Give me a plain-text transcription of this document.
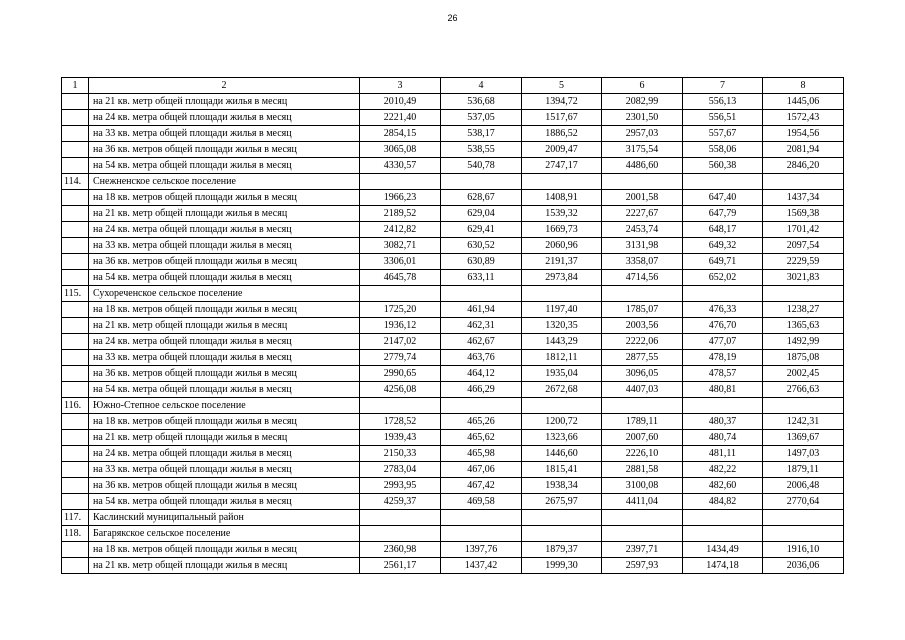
26
1	2	3	4	5	6	7	8
	на 21 кв. метр общей площади жилья в месяц	2010,49	536,68	1394,72	2082,99	556,13	1445,06
	на 24 кв. метра общей площади жилья в месяц	2221,40	537,05	1517,67	2301,50	556,51	1572,43
	на 33 кв. метра общей площади жилья в месяц	2854,15	538,17	1886,52	2957,03	557,67	1954,56
	на 36 кв. метров общей площади жилья в месяц	3065,08	538,55	2009,47	3175,54	558,06	2081,94
	на 54 кв. метра общей площади жилья в месяц	4330,57	540,78	2747,17	4486,60	560,38	2846,20
114.	Снежненское сельское поселение						
	на 18 кв. метров общей площади жилья в месяц	1966,23	628,67	1408,91	2001,58	647,40	1437,34
	на 21 кв. метр общей площади жилья в месяц	2189,52	629,04	1539,32	2227,67	647,79	1569,38
	на 24 кв. метра общей площади жилья в месяц	2412,82	629,41	1669,73	2453,74	648,17	1701,42
	на 33 кв. метра общей площади жилья в месяц	3082,71	630,52	2060,96	3131,98	649,32	2097,54
	на 36 кв. метров общей площади жилья в месяц	3306,01	630,89	2191,37	3358,07	649,71	2229,59
	на 54 кв. метра общей площади жилья в месяц	4645,78	633,11	2973,84	4714,56	652,02	3021,83
115.	Сухореченское сельское поселение						
	на 18 кв. метров общей площади жилья в месяц	1725,20	461,94	1197,40	1785,07	476,33	1238,27
	на 21 кв. метр общей площади жилья в месяц	1936,12	462,31	1320,35	2003,56	476,70	1365,63
	на 24 кв. метра общей площади жилья в месяц	2147,02	462,67	1443,29	2222,06	477,07	1492,99
	на 33 кв. метра общей площади жилья в месяц	2779,74	463,76	1812,11	2877,55	478,19	1875,08
	на 36 кв. метров общей площади жилья в месяц	2990,65	464,12	1935,04	3096,05	478,57	2002,45
	на 54 кв. метра общей площади жилья в месяц	4256,08	466,29	2672,68	4407,03	480,81	2766,63
116.	Южно-Степное сельское поселение						
	на 18 кв. метров общей площади жилья в месяц	1728,52	465,26	1200,72	1789,11	480,37	1242,31
	на 21 кв. метр общей площади жилья в месяц	1939,43	465,62	1323,66	2007,60	480,74	1369,67
	на 24 кв. метра общей площади жилья в месяц	2150,33	465,98	1446,60	2226,10	481,11	1497,03
	на 33 кв. метра общей площади жилья в месяц	2783,04	467,06	1815,41	2881,58	482,22	1879,11
	на 36 кв. метров общей площади жилья в месяц	2993,95	467,42	1938,34	3100,08	482,60	2006,48
	на 54 кв. метра общей площади жилья в месяц	4259,37	469,58	2675,97	4411,04	484,82	2770,64
117.	Каслинский муниципальный район						
118.	Багарякское сельское поселение						
	на 18 кв. метров общей площади жилья в месяц	2360,98	1397,76	1879,37	2397,71	1434,49	1916,10
	на 21 кв. метр общей площади жилья в месяц	2561,17	1437,42	1999,30	2597,93	1474,18	2036,06
